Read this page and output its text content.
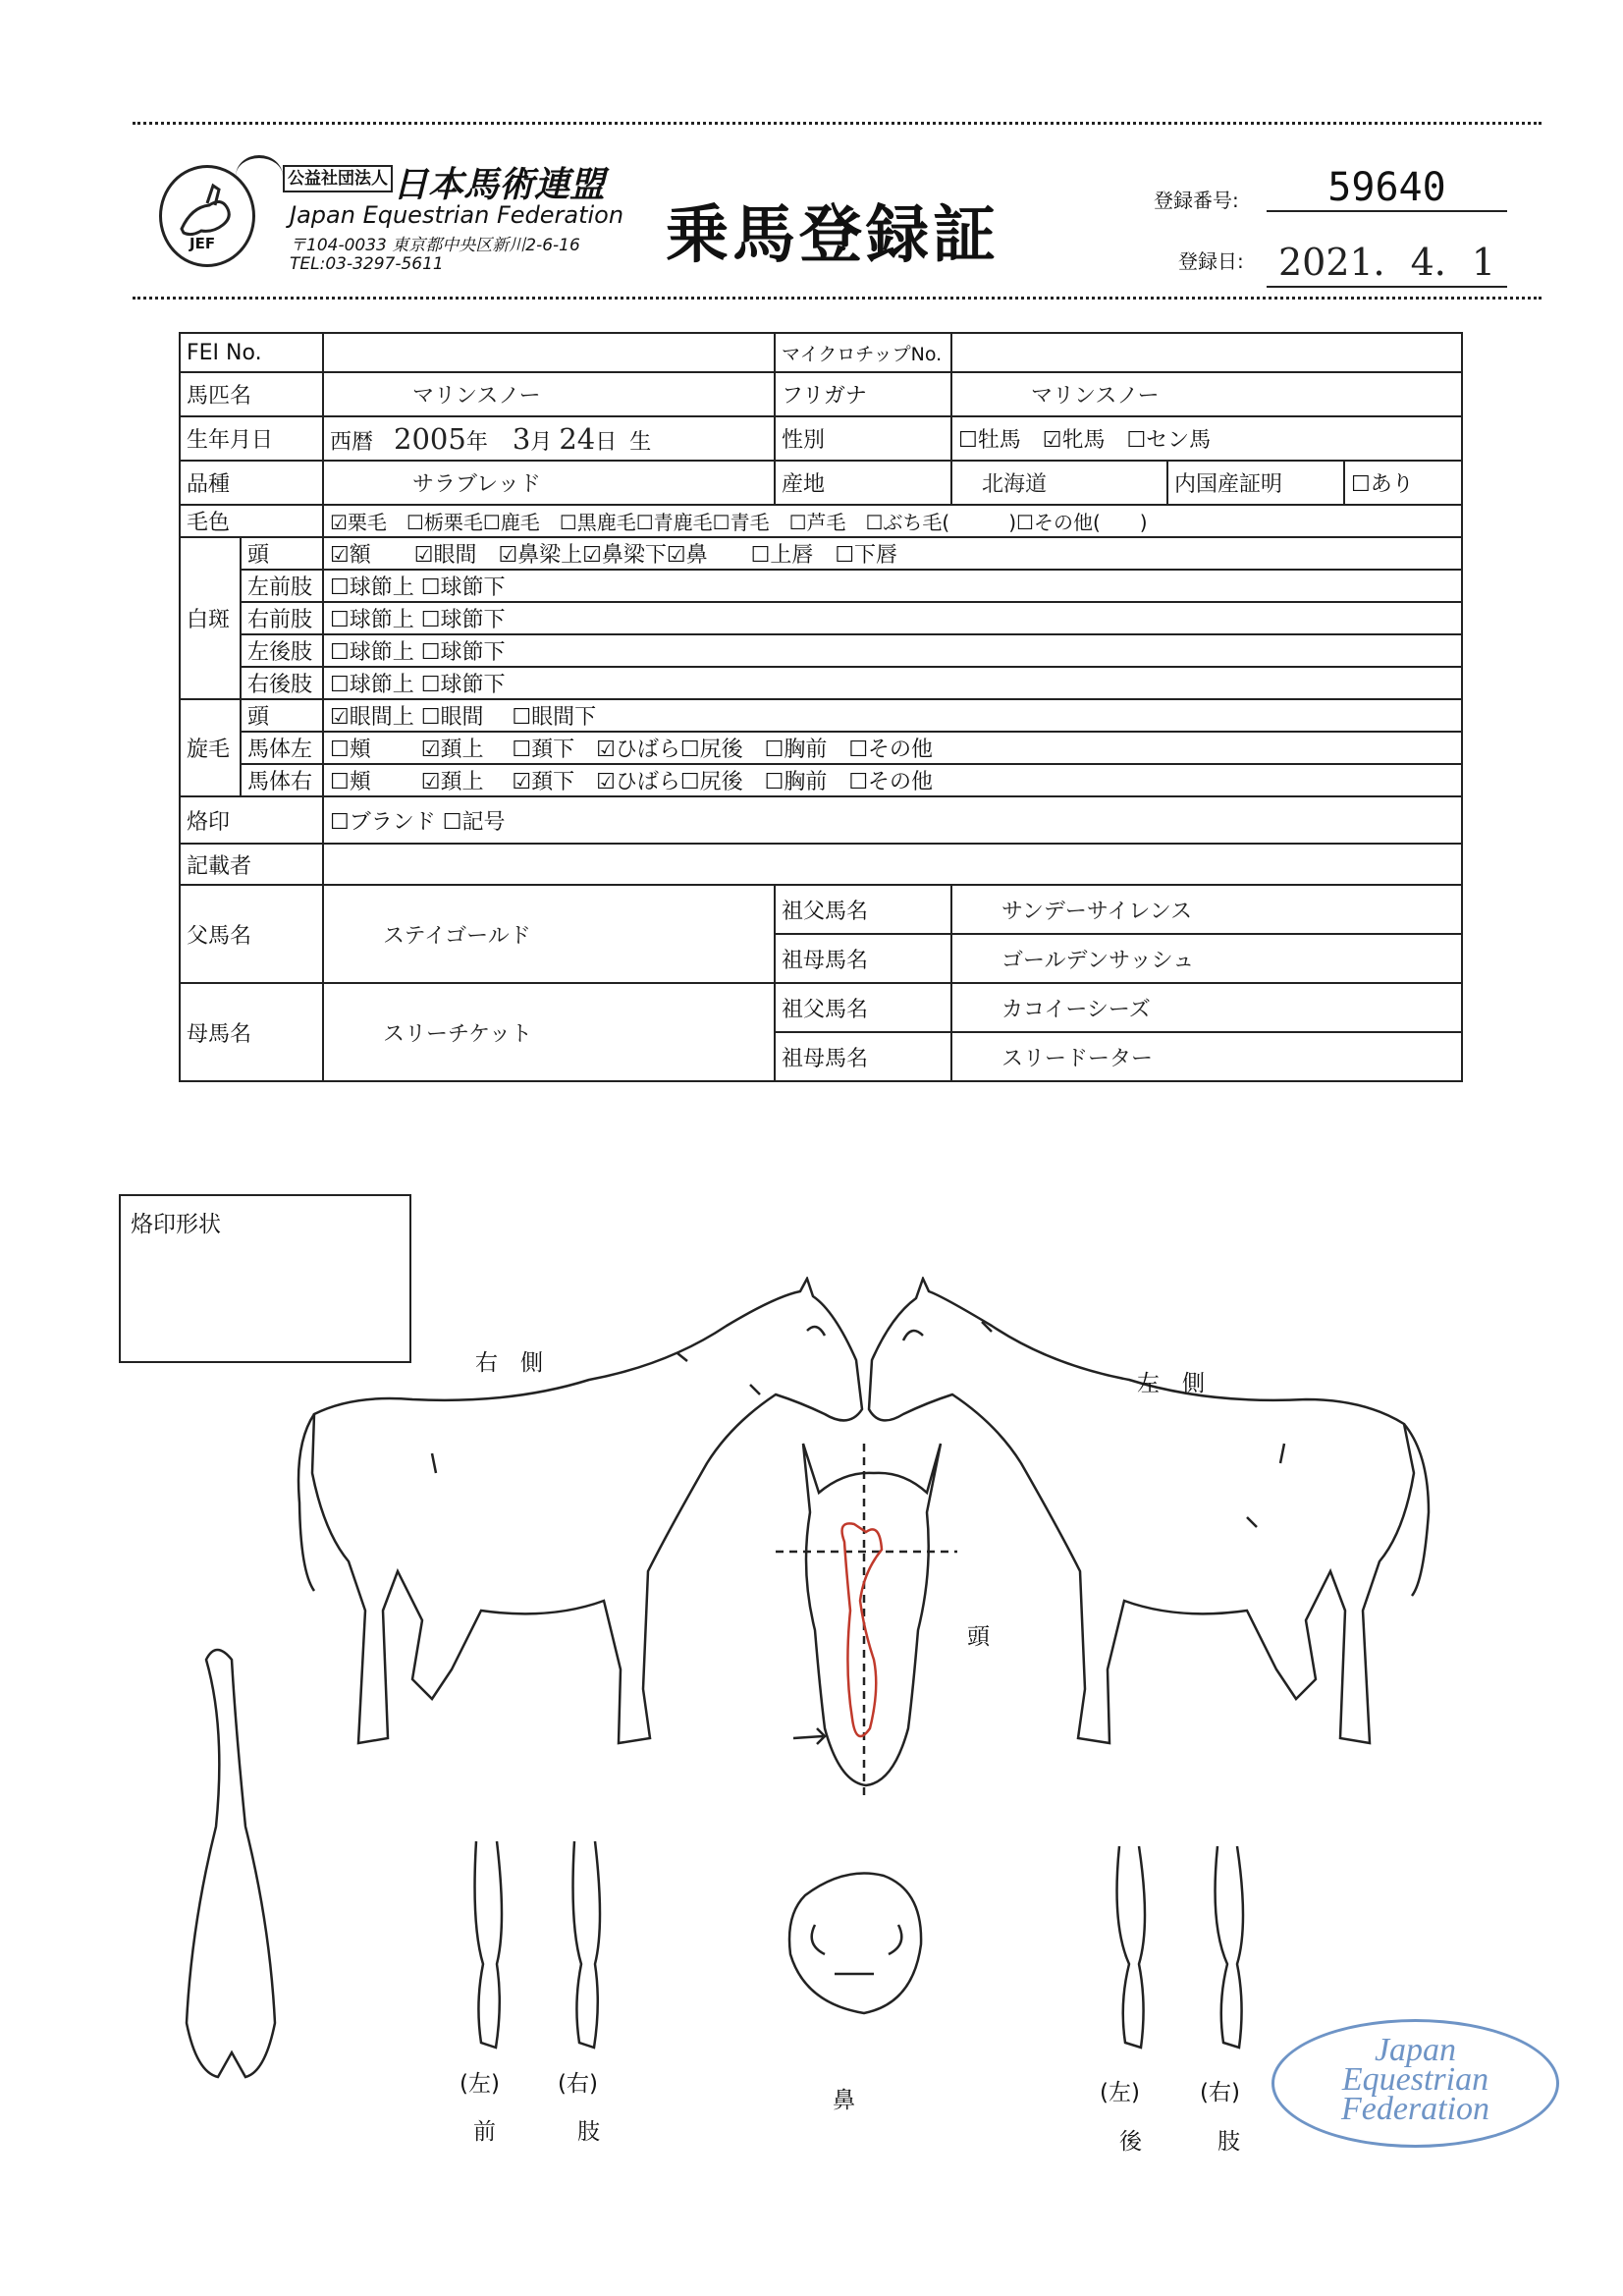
JEF
公益社団法人 日本馬術連盟
Japan Equestrian Federation
〒104-0033 東京都中央区新川2-6-16
TEL:03-3297-5611	乗馬登録証	登録番号:	59640
登録日: 2021．4．1
FEI No.			マイクロチップNo.			
馬匹名		マリンスノー	フリガナ	マリンスノー		
生年月日		西暦 2005年 3月 24日 生	性別	☐牡馬　☑牝馬　☐セン馬		
品種		サラブレッド	産地	北海道	内国産証明	☐あり
毛色		☑栗毛　☐栃栗毛☐鹿毛　☐黒鹿毛☐青鹿毛☐青毛　☐芦毛　☐ぶち毛(　　　)☐その他(　　)				
白斑	頭	☑額　　☑眼間　☑鼻梁上☑鼻梁下☑鼻　　☐上唇　☐下唇				
	左前肢	☐球節上 ☐球節下				
	右前肢	☐球節上 ☐球節下				
	左後肢	☐球節上 ☐球節下				
	右後肢	☐球節上 ☐球節下				
旋毛	頭	☑眼間上 ☐眼間　 ☐眼間下				
	馬体左	☐頬　　 ☑頚上　 ☐頚下　☑ひばら☐尻後　☐胸前　☐その他				
	馬体右	☐頬　　 ☑頚上　 ☑頚下　☑ひばら☐尻後　☐胸前　☐その他				
烙印		☐ブランド ☐記号				
記載者						
父馬名		ステイゴールド	祖父馬名	サンデーサイレンス		
			祖母馬名	ゴールデンサッシュ		
母馬名		スリーチケット	祖父馬名	カコイーシーズ		
			祖母馬名	スリードーター		
烙印形状
右　側
左　側
頭
鼻
(左)	(右)
前	肢
(左)	(右)
後	肢
Japan
Equestrian
Federation
